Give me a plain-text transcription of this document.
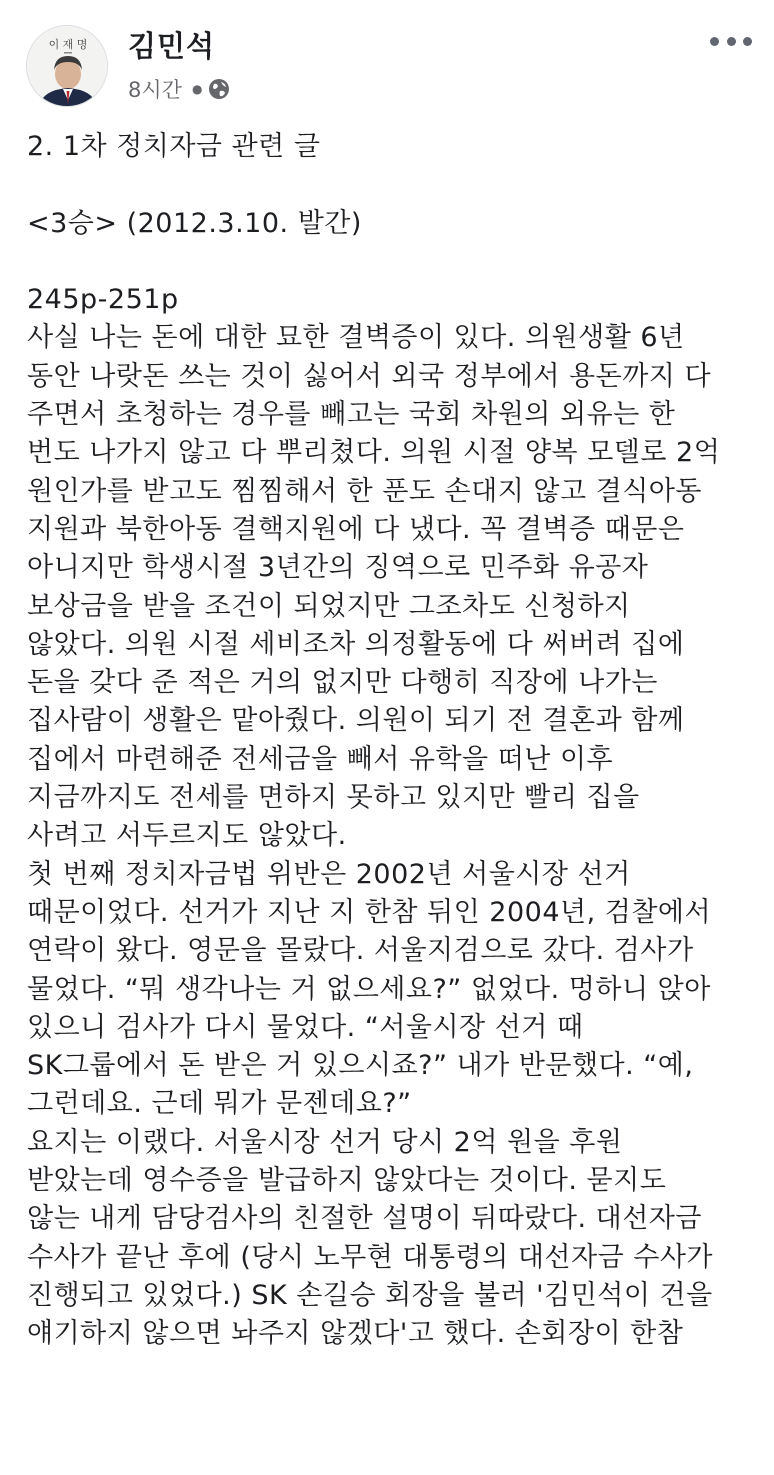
이 재 명 김민석
8시간 ●
2. 1차 정치자금 관련 글
<3승> (2012.3.10. 발간)
245p-251p
사실 나는 돈에 대한 묘한 결벽증이 있다. 의원생활 6년
동안 나랏돈 쓰는 것이 싫어서 외국 정부에서 용돈까지 다
주면서 초청하는 경우를 빼고는 국회 차원의 외유는 한
번도 나가지 않고 다 뿌리쳤다. 의원 시절 양복 모델로 2억
원인가를 받고도 찜찜해서 한 푼도 손대지 않고 결식아동
지원과 북한아동 결핵지원에 다 냈다. 꼭 결벽증 때문은
아니지만 학생시절 3년간의 징역으로 민주화 유공자
보상금을 받을 조건이 되었지만 그조차도 신청하지
않았다. 의원 시절 세비조차 의정활동에 다 써버려 집에
돈을 갖다 준 적은 거의 없지만 다행히 직장에 나가는
집사람이 생활은 맡아줬다. 의원이 되기 전 결혼과 함께
집에서 마련해준 전세금을 빼서 유학을 떠난 이후
지금까지도 전세를 면하지 못하고 있지만 빨리 집을
사려고 서두르지도 않았다.
첫 번째 정치자금법 위반은 2002년 서울시장 선거
때문이었다. 선거가 지난 지 한참 뒤인 2004년, 검찰에서
연락이 왔다. 영문을 몰랐다. 서울지검으로 갔다. 검사가
물었다. “뭐 생각나는 거 없으세요?” 없었다. 멍하니 앉아
있으니 검사가 다시 물었다. “서울시장 선거 때
SK그룹에서 돈 받은 거 있으시죠?” 내가 반문했다. “예,
그런데요. 근데 뭐가 문젠데요?”
요지는 이랬다. 서울시장 선거 당시 2억 원을 후원
받았는데 영수증을 발급하지 않았다는 것이다. 묻지도
않는 내게 담당검사의 친절한 설명이 뒤따랐다. 대선자금
수사가 끝난 후에 (당시 노무현 대통령의 대선자금 수사가
진행되고 있었다.) SK 손길승 회장을 불러 '김민석이 건을
얘기하지 않으면 놔주지 않겠다'고 했다. 손회장이 한참
